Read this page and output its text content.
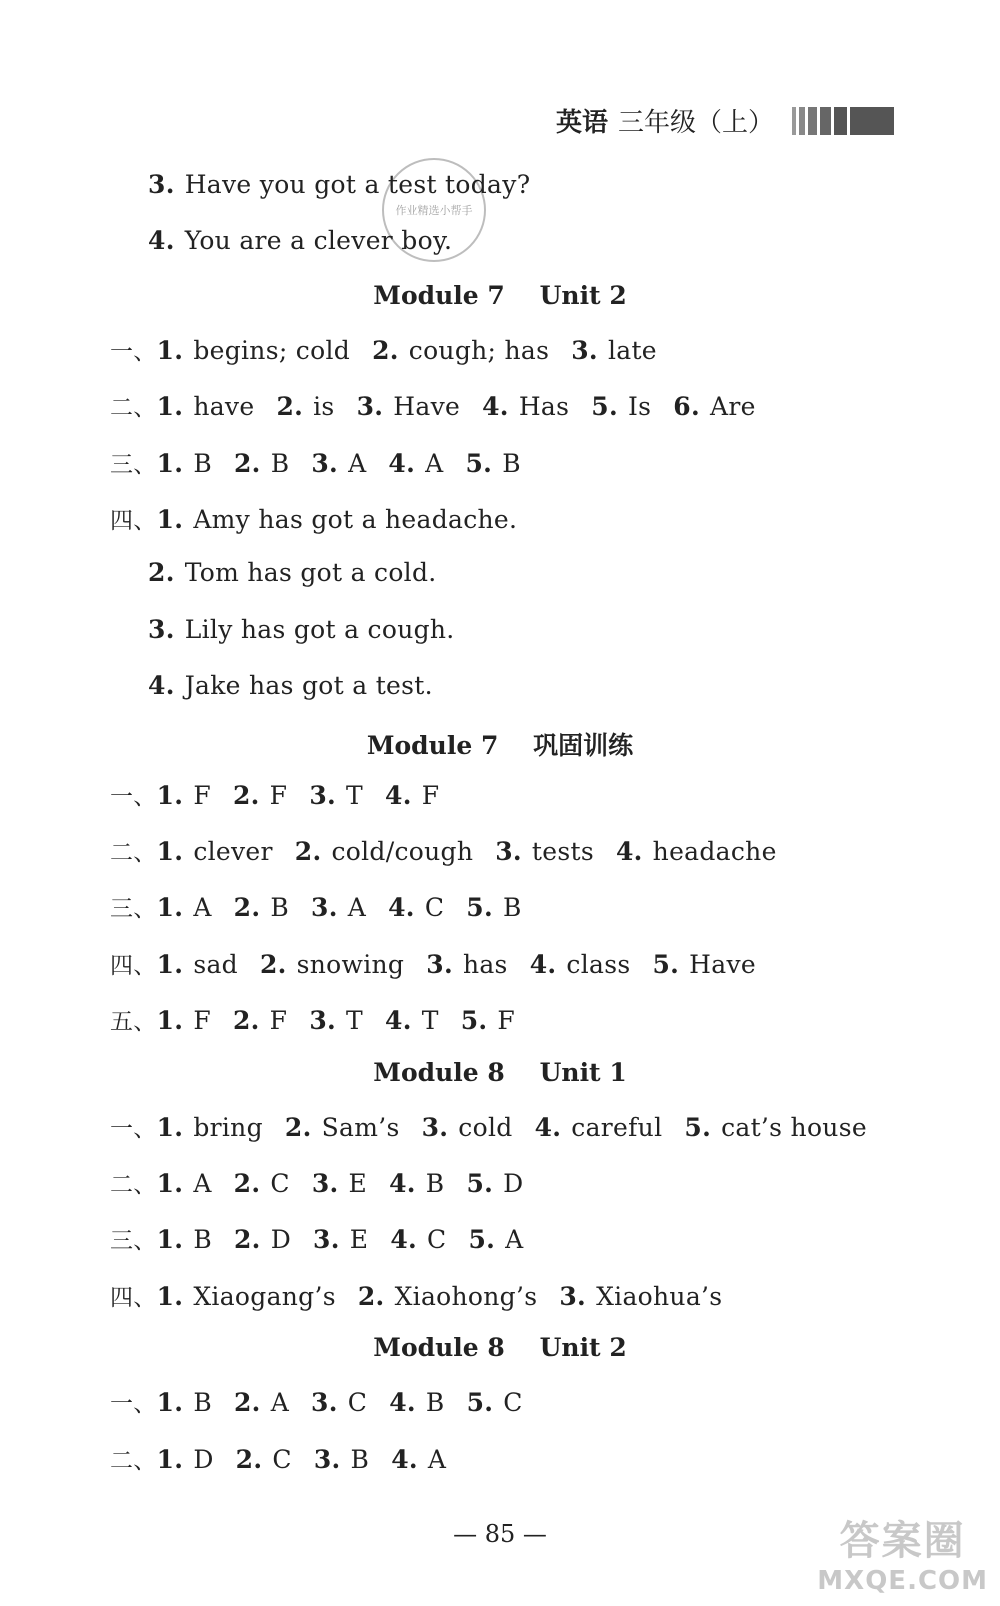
英语 三年级（上）
作业精选小帮手
3. Have you got a test today?
4. You are a clever boy.
Module 7    Unit 2
一、1. begins; cold 2. cough; has 3. late
二、1. have 2. is 3. Have 4. Has 5. Is 6. Are
三、1. B 2. B 3. A 4. A 5. B
四、1. Amy has got a headache.
2. Tom has got a cold.
3. Lily has got a cough.
4. Jake has got a test.
Module 7    巩固训练
一、1. F 2. F 3. T 4. F
二、1. clever 2. cold/cough 3. tests 4. headache
三、1. A 2. B 3. A 4. C 5. B
四、1. sad 2. snowing 3. has 4. class 5. Have
五、1. F 2. F 3. T 4. T 5. F
Module 8    Unit 1
一、1. bring 2. Sam’s 3. cold 4. careful 5. cat’s house
二、1. A 2. C 3. E 4. B 5. D
三、1. B 2. D 3. E 4. C 5. A
四、1. Xiaogang’s 2. Xiaohong’s 3. Xiaohua’s
Module 8    Unit 2
一、1. B 2. A 3. C 4. B 5. C
二、1. D 2. C 3. B 4. A
— 85 —	答案圈
MXQE.COM
